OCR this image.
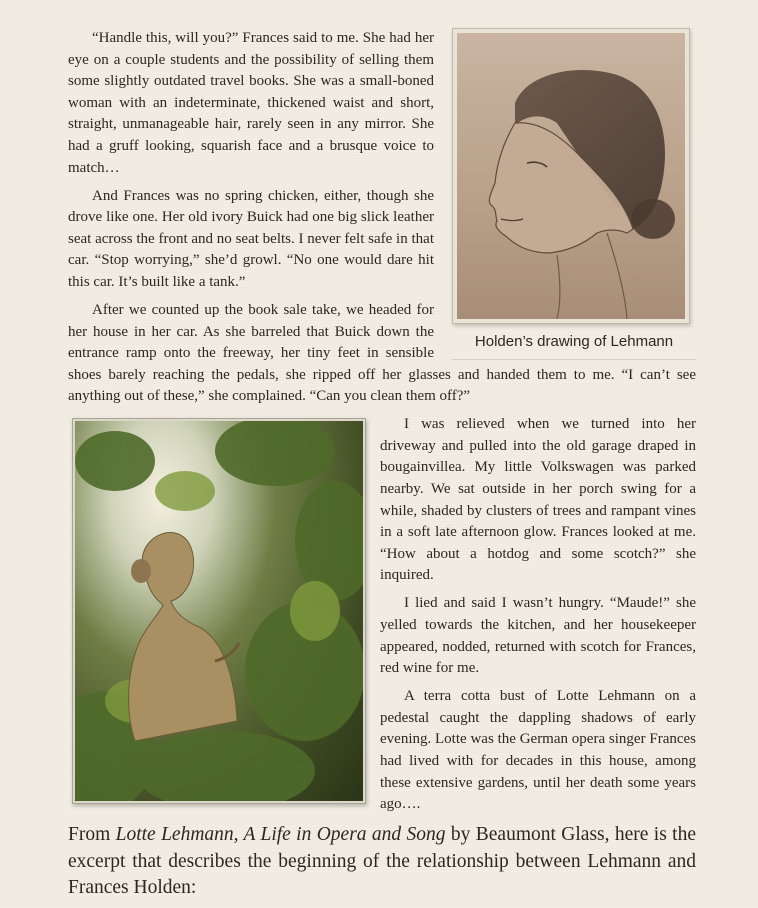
Holden’s drawing of Lehmann

“Handle this, will you?” Frances said to me. She had her eye on a couple students and the possibility of selling them some slightly outdated travel books. She was a small-boned woman with an indeterminate, thickened waist and short, straight, unmanageable hair, rarely seen in any mirror. She had a gruff looking, squarish face and a brusque voice to match…

And Frances was no spring chicken, either, though she drove like one. Her old ivory Buick had one big slick leather seat across the front and no seat belts. I never felt safe in that car. “Stop worrying,” she’d growl. “No one would dare hit this car. It’s built like a tank.”

After we counted up the book sale take, we headed for her house in her car. As she barreled that Buick down the entrance ramp onto the freeway, her tiny feet in sensible shoes barely reaching the pedals, she ripped off her glasses and handed them to me. “I can’t see anything out of these,” she complained. “Can you clean them off?”

I was relieved when we turned into her driveway and pulled into the old garage draped in bougainvillea. My little Volkswagen was parked nearby. We sat outside in her porch swing for a while, shaded by clusters of trees and rampant vines in a soft late afternoon glow. Frances looked at me. “How about a hotdog and some scotch?” she inquired.

I lied and said I wasn’t hungry. “Maude!” she yelled towards the kitchen, and her housekeeper appeared, nodded, returned with scotch for Frances, red wine for me.

A terra cotta bust of Lotte Lehmann on a pedestal caught the dappling shadows of early evening. Lotte was the German opera singer Frances had lived with for decades in this house, among these extensive gardens, until her death some years ago….

From Lotte Lehmann, A Life in Opera and Song by Beaumont Glass, here is the excerpt that describes the beginning of the relationship between Lehmann and Frances Holden:
